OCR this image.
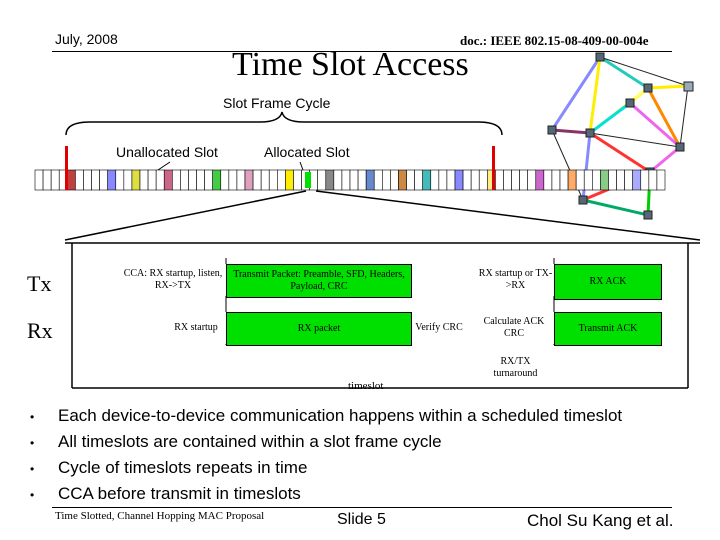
July, 2008	doc.: IEEE 802.15-08-409-00-004e
Time Slot Access
Slot Frame Cycle
Unallocated Slot	Allocated Slot
Tx
Rx
CCA: RX startup, listen, RX->TX
Transmit Packet: Preamble, SFD, Headers, Payload, CRC
RX startup or TX->RX	RX ACK
RX startup	RX packet	Verify CRC
Calculate ACK CRC	Transmit ACK
RX/TX turnaround
timeslot
• Each device-to-device communication happens within a scheduled timeslot
• All timeslots are contained within a slot frame cycle
• Cycle of timeslots repeats in time
• CCA before transmit in timeslots
Time Slotted, Channel Hopping MAC Proposal	Slide 5	Chol Su Kang et al.
